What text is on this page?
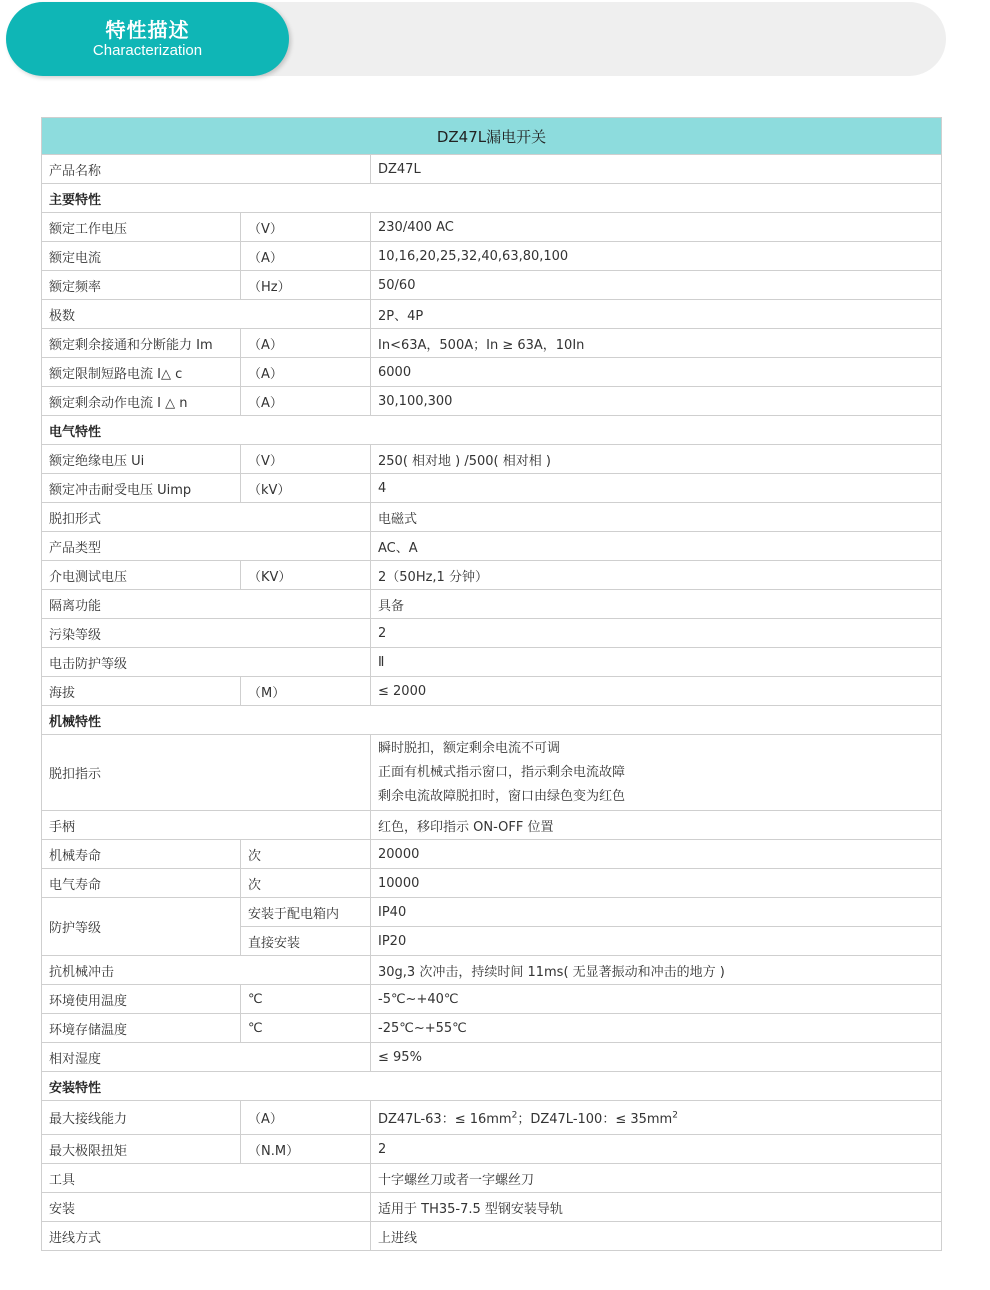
特性描述
Characterization
DZ47L漏电开关		
产品名称		DZ47L
主要特性		
额定工作电压	（V）	230/400 AC
额定电流	（A）	10,16,20,25,32,40,63,80,100
额定频率	（Hz）	50/60
极数		2P、4P
额定剩余接通和分断能力 Im	（A）	In<63A，500A；In ≥ 63A，10In
额定限制短路电流 I△ c	（A）	6000
额定剩余动作电流 I △ n	（A）	30,100,300
电气特性		
额定绝缘电压 Ui	（V）	250( 相对地 ) /500( 相对相 )
额定冲击耐受电压 Uimp	（kV）	4
脱扣形式		电磁式
产品类型		AC、A
介电测试电压	（KV）	2（50Hz,1 分钟）
隔离功能		具备
污染等级		2
电击防护等级		Ⅱ
海拔	（M）	≤ 2000
机械特性		
脱扣指示		瞬时脱扣，额定剩余电流不可调
正面有机械式指示窗口，指示剩余电流故障
剩余电流故障脱扣时，窗口由绿色变为红色

手柄		红色，移印指示 ON-OFF 位置
机械寿命	次	20000
电气寿命	次	10000
防护等级	安装于配电箱内	IP40
	直接安装	IP20
抗机械冲击		30g,3 次冲击，持续时间 11ms( 无显著振动和冲击的地方 )
环境使用温度	℃	-5℃~+40℃
环境存储温度	℃	-25℃~+55℃
相对湿度		≤ 95%
安装特性		
最大接线能力	（A）	DZ47L-63：≤ $16mm^2$；DZ47L-100：≤ $35mm^2$
最大极限扭矩	（N.M）	2
工具		十字螺丝刀或者一字螺丝刀
安装		适用于 TH35-7.5 型钢安装导轨
进线方式		上进线
